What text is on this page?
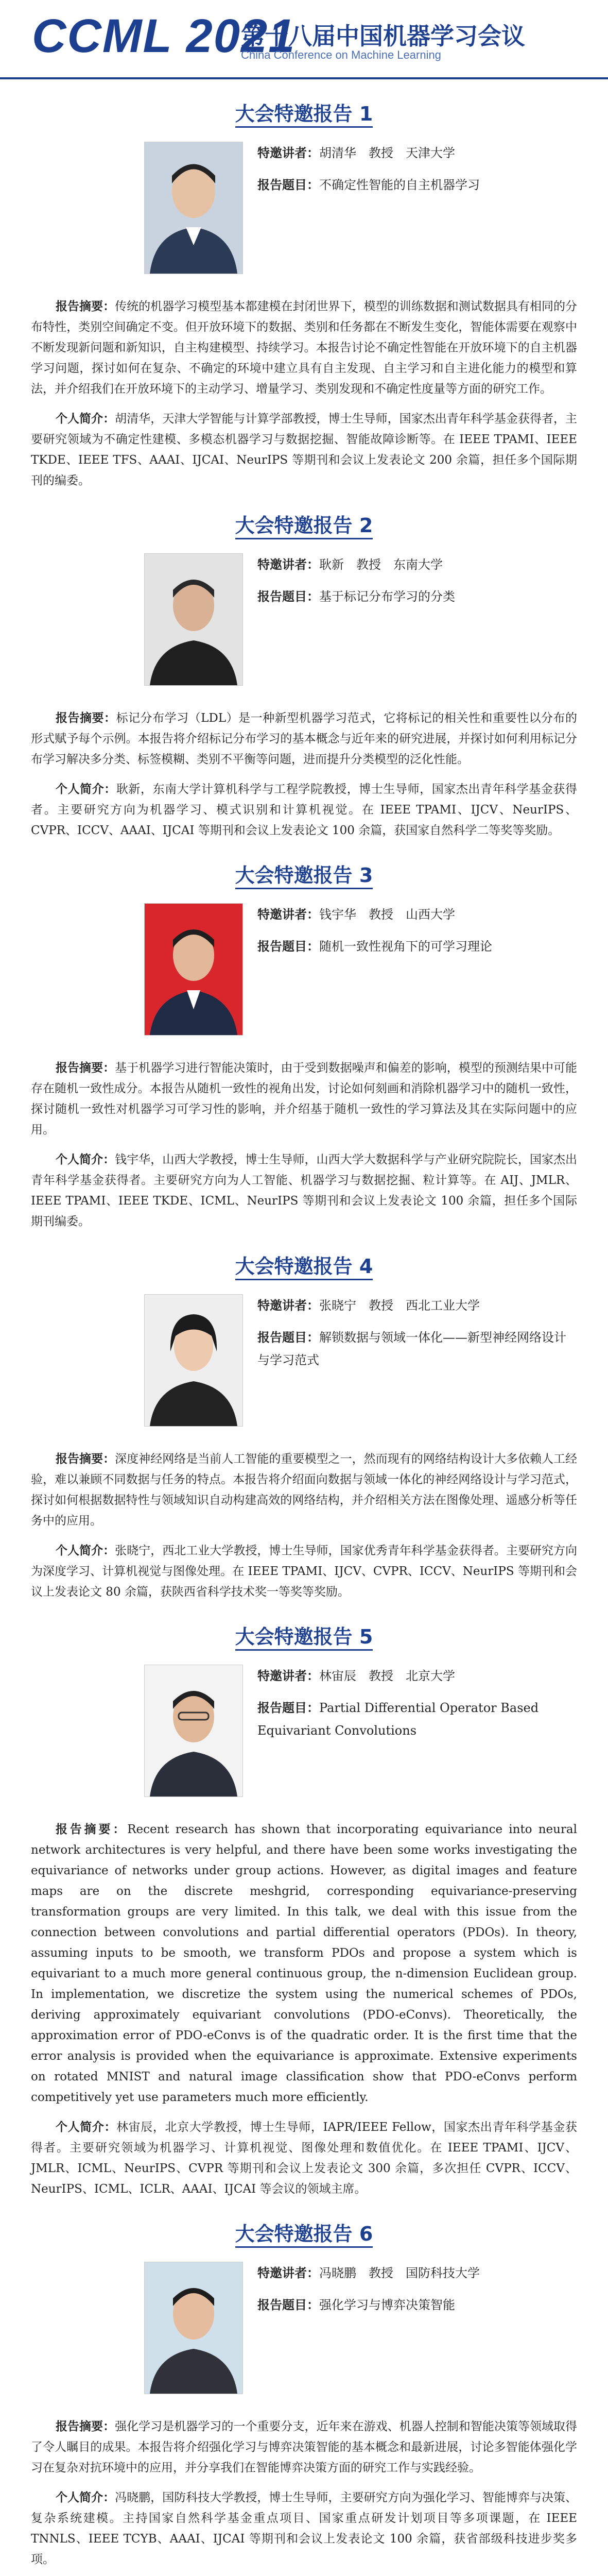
CCML 2021
第十八届中国机器学习会议
China Conference on Machine Learning
大会特邀报告 1
特邀讲者：胡清华　教授　天津大学
报告题目：不确定性智能的自主机器学习

报告摘要：传统的机器学习模型基本都建模在封闭世界下，模型的训练数据和测试数据具有相同的分布特性，类别空间确定不变。但开放环境下的数据、类别和任务都在不断发生变化，智能体需要在观察中不断发现新问题和新知识，自主构建模型、持续学习。本报告讨论不确定性智能在开放环境下的自主机器学习问题，探讨如何在复杂、不确定的环境中建立具有自主发现、自主学习和自主进化能力的模型和算法，并介绍我们在开放环境下的主动学习、增量学习、类别发现和不确定性度量等方面的研究工作。

个人简介：胡清华，天津大学智能与计算学部教授，博士生导师，国家杰出青年科学基金获得者，主要研究领域为不确定性建模、多模态机器学习与数据挖掘、智能故障诊断等。在 IEEE TPAMI、IEEE TKDE、IEEE TFS、AAAI、IJCAI、NeurIPS 等期刊和会议上发表论文 200 余篇，担任多个国际期刊的编委。

大会特邀报告 2
特邀讲者：耿新　教授　东南大学
报告题目：基于标记分布学习的分类

报告摘要：标记分布学习（LDL）是一种新型机器学习范式，它将标记的相关性和重要性以分布的形式赋予每个示例。本报告将介绍标记分布学习的基本概念与近年来的研究进展，并探讨如何利用标记分布学习解决多分类、标签模糊、类别不平衡等问题，进而提升分类模型的泛化性能。

个人简介：耿新，东南大学计算机科学与工程学院教授，博士生导师，国家杰出青年科学基金获得者。主要研究方向为机器学习、模式识别和计算机视觉。在 IEEE TPAMI、IJCV、NeurIPS、CVPR、ICCV、AAAI、IJCAI 等期刊和会议上发表论文 100 余篇，获国家自然科学二等奖等奖励。

大会特邀报告 3
特邀讲者：钱宇华　教授　山西大学
报告题目：随机一致性视角下的可学习理论

报告摘要：基于机器学习进行智能决策时，由于受到数据噪声和偏差的影响，模型的预测结果中可能存在随机一致性成分。本报告从随机一致性的视角出发，讨论如何刻画和消除机器学习中的随机一致性，探讨随机一致性对机器学习可学习性的影响，并介绍基于随机一致性的学习算法及其在实际问题中的应用。

个人简介：钱宇华，山西大学教授，博士生导师，山西大学大数据科学与产业研究院院长，国家杰出青年科学基金获得者。主要研究方向为人工智能、机器学习与数据挖掘、粒计算等。在 AIJ、JMLR、IEEE TPAMI、IEEE TKDE、ICML、NeurIPS 等期刊和会议上发表论文 100 余篇，担任多个国际期刊编委。

大会特邀报告 4
特邀讲者：张晓宁　教授　西北工业大学
报告题目：解锁数据与领域一体化——新型神经网络设计与学习范式

报告摘要：深度神经网络是当前人工智能的重要模型之一，然而现有的网络结构设计大多依赖人工经验，难以兼顾不同数据与任务的特点。本报告将介绍面向数据与领域一体化的神经网络设计与学习范式，探讨如何根据数据特性与领域知识自动构建高效的网络结构，并介绍相关方法在图像处理、遥感分析等任务中的应用。

个人简介：张晓宁，西北工业大学教授，博士生导师，国家优秀青年科学基金获得者。主要研究方向为深度学习、计算机视觉与图像处理。在 IEEE TPAMI、IJCV、CVPR、ICCV、NeurIPS 等期刊和会议上发表论文 80 余篇，获陕西省科学技术奖一等奖等奖励。

大会特邀报告 5
特邀讲者：林宙辰　教授　北京大学
报告题目：Partial Differential Operator Based Equivariant Convolutions

报告摘要：Recent research has shown that incorporating equivariance into neural network architectures is very helpful, and there have been some works investigating the equivariance of networks under group actions. However, as digital images and feature maps are on the discrete meshgrid, corresponding equivariance-preserving transformation groups are very limited. In this talk, we deal with this issue from the connection between convolutions and partial differential operators (PDOs). In theory, assuming inputs to be smooth, we transform PDOs and propose a system which is equivariant to a much more general continuous group, the n-dimension Euclidean group. In implementation, we discretize the system using the numerical schemes of PDOs, deriving approximately equivariant convolutions (PDO-eConvs). Theoretically, the approximation error of PDO-eConvs is of the quadratic order. It is the first time that the error analysis is provided when the equivariance is approximate. Extensive experiments on rotated MNIST and natural image classification show that PDO-eConvs perform competitively yet use parameters much more efficiently.

个人简介：林宙辰，北京大学教授，博士生导师，IAPR/IEEE Fellow，国家杰出青年科学基金获得者。主要研究领域为机器学习、计算机视觉、图像处理和数值优化。在 IEEE TPAMI、IJCV、JMLR、ICML、NeurIPS、CVPR 等期刊和会议上发表论文 300 余篇，多次担任 CVPR、ICCV、NeurIPS、ICML、ICLR、AAAI、IJCAI 等会议的领域主席。

大会特邀报告 6
特邀讲者：冯晓鹏　教授　国防科技大学
报告题目：强化学习与博弈决策智能

报告摘要：强化学习是机器学习的一个重要分支，近年来在游戏、机器人控制和智能决策等领域取得了令人瞩目的成果。本报告将介绍强化学习与博弈决策智能的基本概念和最新进展，讨论多智能体强化学习在复杂对抗环境中的应用，并分享我们在智能博弈决策方面的研究工作与实践经验。

个人简介：冯晓鹏，国防科技大学教授，博士生导师，主要研究方向为强化学习、智能博弈与决策、复杂系统建模。主持国家自然科学基金重点项目、国家重点研发计划项目等多项课题，在 IEEE TNNLS、IEEE TCYB、AAAI、IJCAI 等期刊和会议上发表论文 100 余篇，获省部级科技进步奖多项。
